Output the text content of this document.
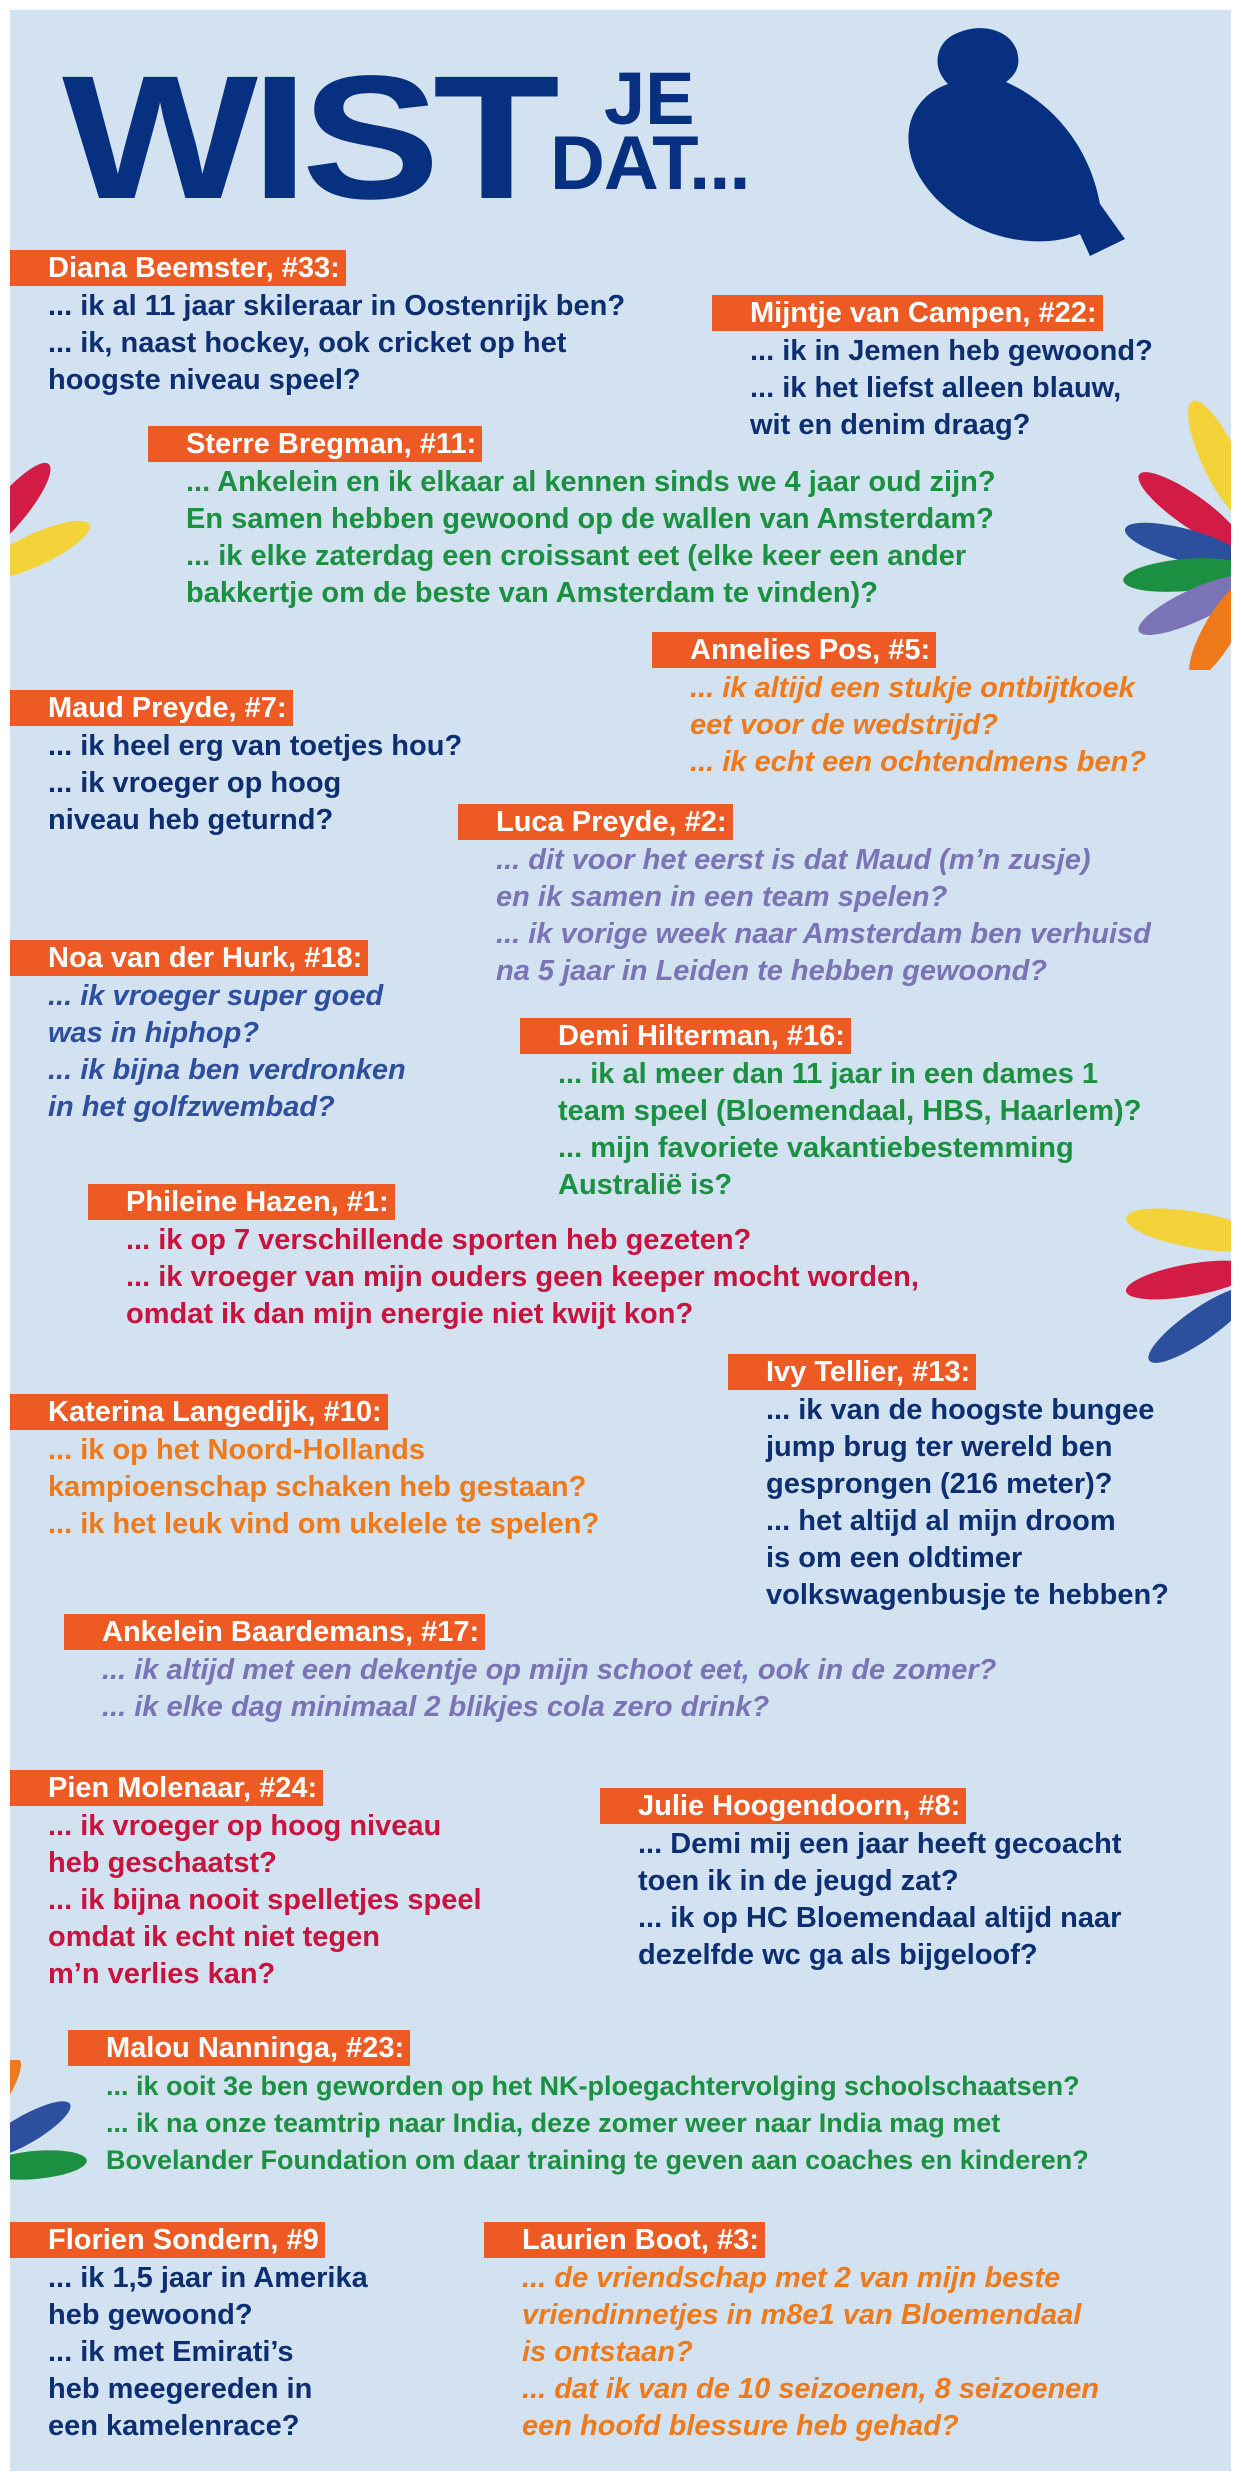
WIST JE
DAT...
Diana Beemster, #33:
... ik al 11 jaar skileraar in Oostenrijk ben?
... ik, naast hockey, ook cricket op het
hoogste niveau speel?
Mijntje van Campen, #22:
... ik in Jemen heb gewoond?
... ik het liefst alleen blauw,
wit en denim draag?
Sterre Bregman, #11:
... Ankelein en ik elkaar al kennen sinds we 4 jaar oud zijn?
En samen hebben gewoond op de wallen van Amsterdam?
... ik elke zaterdag een croissant eet (elke keer een ander
bakkertje om de beste van Amsterdam te vinden)?
Annelies Pos, #5:
... ik altijd een stukje ontbijtkoek
eet voor de wedstrijd?
... ik echt een ochtendmens ben?
Maud Preyde, #7:
... ik heel erg van toetjes hou?
... ik vroeger op hoog
niveau heb geturnd?	Luca Preyde, #2:
... dit voor het eerst is dat Maud (m’n zusje)
en ik samen in een team spelen?
... ik vorige week naar Amsterdam ben verhuisd
na 5 jaar in Leiden te hebben gewoond?
Noa van der Hurk, #18:
... ik vroeger super goed
was in hiphop?
... ik bijna ben verdronken
in het golfzwembad?
Demi Hilterman, #16:
... ik al meer dan 11 jaar in een dames 1
team speel (Bloemendaal, HBS, Haarlem)?
... mijn favoriete vakantiebestemming
Australië is?
Phileine Hazen, #1:
... ik op 7 verschillende sporten heb gezeten?
... ik vroeger van mijn ouders geen keeper mocht worden,
omdat ik dan mijn energie niet kwijt kon?
Ivy Tellier, #13:
... ik van de hoogste bungee
jump brug ter wereld ben
gesprongen (216 meter)?
... het altijd al mijn droom
is om een oldtimer
volkswagenbusje te hebben?
Katerina Langedijk, #10:
... ik op het Noord-Hollands
kampioenschap schaken heb gestaan?
... ik het leuk vind om ukelele te spelen?
Ankelein Baardemans, #17:
... ik altijd met een dekentje op mijn schoot eet, ook in de zomer?
... ik elke dag minimaal 2 blikjes cola zero drink?
Pien Molenaar, #24:
... ik vroeger op hoog niveau
heb geschaatst?
... ik bijna nooit spelletjes speel
omdat ik echt niet tegen
m’n verlies kan?
Julie Hoogendoorn, #8:
... Demi mij een jaar heeft gecoacht
toen ik in de jeugd zat?
... ik op HC Bloemendaal altijd naar
dezelfde wc ga als bijgeloof?
Malou Nanninga, #23:
... ik ooit 3e ben geworden op het NK-ploegachtervolging schoolschaatsen?
... ik na onze teamtrip naar India, deze zomer weer naar India mag met
Bovelander Foundation om daar training te geven aan coaches en kinderen?
Florien Sondern, #9
... ik 1,5 jaar in Amerika
heb gewoond?
... ik met Emirati’s
heb meegereden in
een kamelenrace?
Laurien Boot, #3:
... de vriendschap met 2 van mijn beste
vriendinnetjes in m8e1 van Bloemendaal
is ontstaan?
... dat ik van de 10 seizoenen, 8 seizoenen
een hoofd blessure heb gehad?
